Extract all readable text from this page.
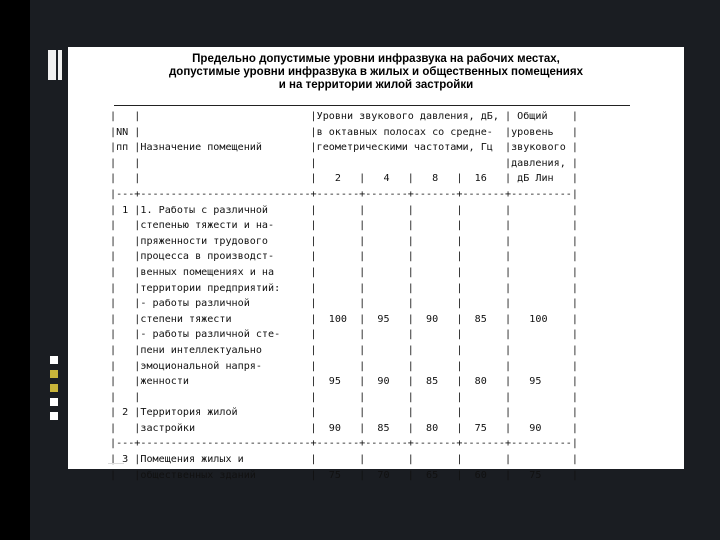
Предельно допустимые уровни инфразвука на рабочих местах,
допустимые уровни инфразвука в жилых и общественных помещениях
и на территории жилой застройки
|   |                            |Уровни звукового давления, дБ, | Общий    |
|NN |                            |в октавных полосах со средне-  |уровень   |
|пп |Назначение помещений        |геометрическими частотами, Гц  |звукового |
|   |                            |                               |давления, |
|   |                            |   2   |   4   |   8   |  16   | дБ Лин   |
|---+----------------------------+-------+-------+-------+-------+----------|
| 1 |1. Работы с различной       |       |       |       |       |          |
|   |степенью тяжести и на-      |       |       |       |       |          |
|   |пряженности трудового       |       |       |       |       |          |
|   |процесса в производст-      |       |       |       |       |          |
|   |венных помещениях и на      |       |       |       |       |          |
|   |территории предприятий:     |       |       |       |       |          |
|   |- работы различной          |       |       |       |       |          |
|   |степени тяжести             |  100  |  95   |  90   |  85   |   100    |
|   |- работы различной сте-     |       |       |       |       |          |
|   |пени интеллектуально        |       |       |       |       |          |
|   |эмоциональной напря-        |       |       |       |       |          |
|   |женности                    |  95   |  90   |  85   |  80   |   95     |
|   |                            |       |       |       |       |          |
| 2 |Территория жилой            |       |       |       |       |          |
|   |застройки                   |  90   |  85   |  80   |  75   |   90     |
|---+----------------------------+-------+-------+-------+-------+----------|
| 3 |Помещения жилых и           |       |       |       |       |          |
|   |общественных зданий         |  75   |  70   |  65   |  60   |   75     |
